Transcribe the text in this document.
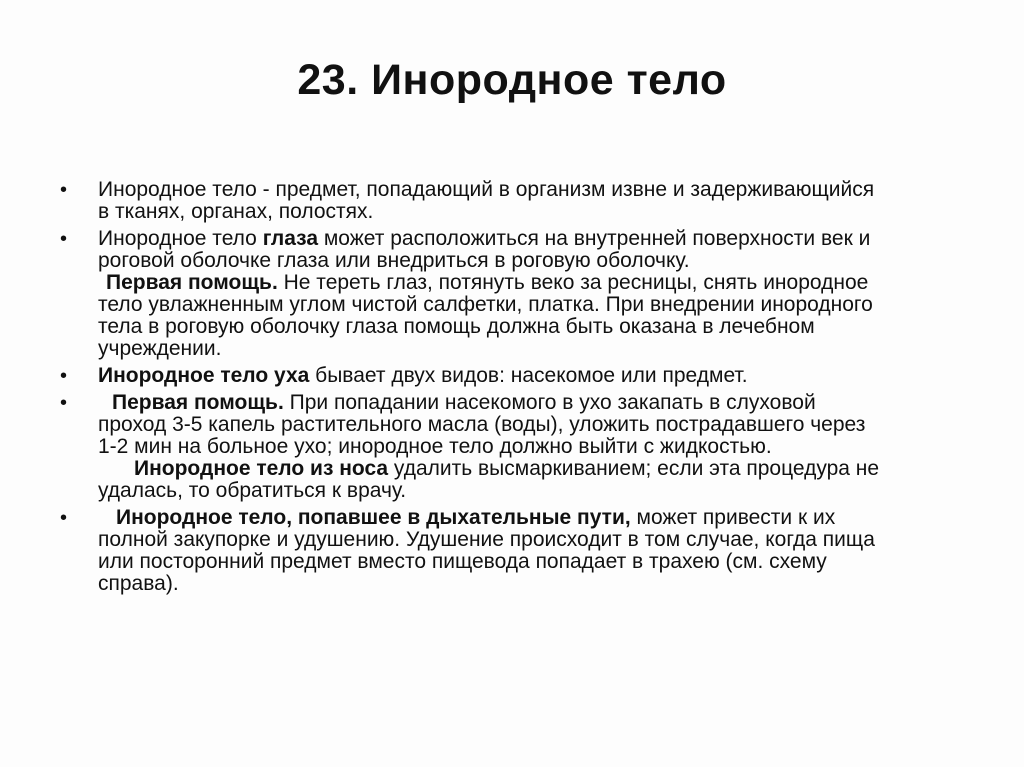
23. Инородное тело

• Инородное тело - предмет, попадающий в организм извне и задерживающийся
в тканях, органах, полостях.

• Инородное тело глаза может расположиться на внутренней поверхности век и
роговой оболочке глаза или внедриться в роговую оболочку.
Первая помощь. Не тереть глаз, потянуть веко за ресницы, снять инородное
тело увлажненным углом чистой салфетки, платка. При внедрении инородного
тела в роговую оболочку глаза помощь должна быть оказана в лечебном
учреждении.

• Инородное тело уха бывает двух видов: насекомое или предмет.

•	Первая помощь. При попадании насекомого в ухо закапать в слуховой
проход 3-5 капель растительного масла (воды), уложить пострадавшего через
1-2 мин на больное ухо; инородное тело должно выйти с жидкостью.
Инородное тело из носа удалить высмаркиванием; если эта процедура не
удалась, то обратиться к врачу.

•	Инородное тело, попавшее в дыхательные пути, может привести к их
полной закупорке и удушению. Удушение происходит в том случае, когда пища
или посторонний предмет вместо пищевода попадает в трахею (см. схему
справа).
